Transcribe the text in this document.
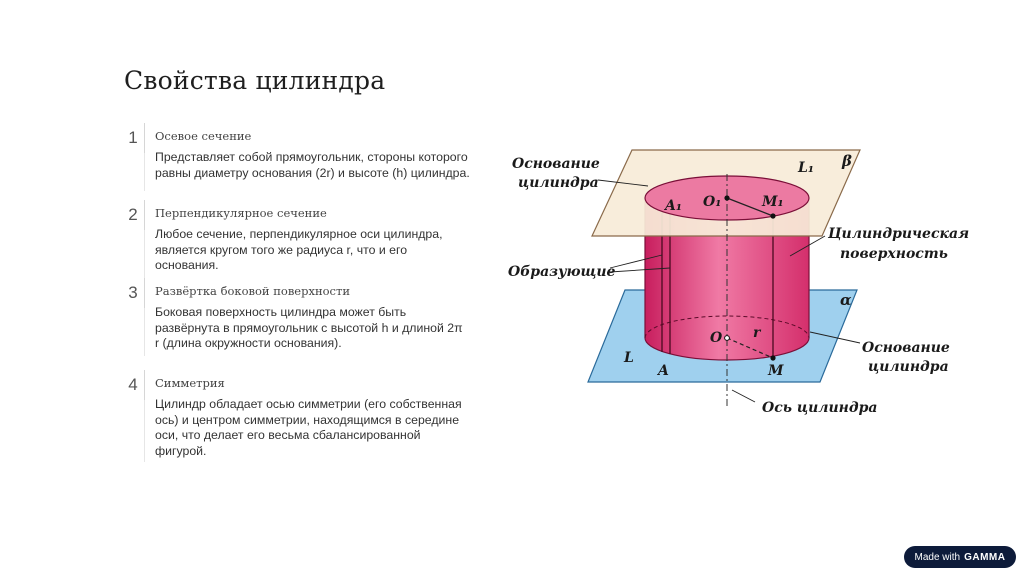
Свойства цилиндра
1	Осевое сечение
Представляет собой прямоугольник, стороны которого
равны диаметру основания (2r) и высоте (h) цилиндра.
2	Перпендикулярное сечение
Любое сечение, перпендикулярное оси цилиндра,
является кругом того же радиуса r, что и его
основания.
3	Развёртка боковой поверхности
Боковая поверхность цилиндра может быть
развёрнута в прямоугольник с высотой h и длиной 2π
r (длина окружности основания).
4	Симметрия
Цилиндр обладает осью симметрии (его собственная
ось) и центром симметрии, находящимся в середине
оси, что делает его весьма сбалансированной
фигурой.
Основание
цилиндра
Образующие
Цилиндрическая
поверхность
Основание
цилиндра
Ось цилиндра
L₁ β
A₁ O₁	M₁
α
O r
L
A	M
Made with GAMMA
